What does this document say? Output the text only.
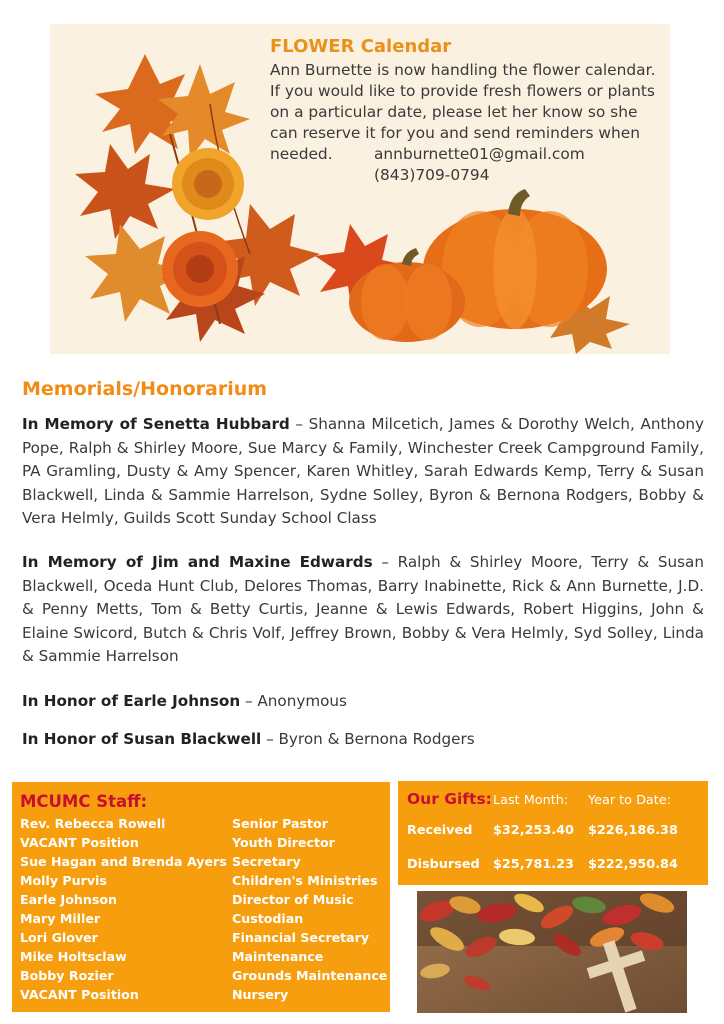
FLOWER Calendar
Ann Burnette is now handling the flower calendar. If you would like to provide fresh flowers or plants on a particular date, please let her know so she can reserve it for you and send reminders when
needed.	annburnette01@gmail.com
(843)709-0794
Memorials/Honorarium
In Memory of Senetta Hubbard – Shanna Milcetich, James & Dorothy Welch, Anthony Pope, Ralph & Shirley Moore, Sue Marcy & Family, Winchester Creek Campground Family, PA Gramling, Dusty & Amy Spencer, Karen Whitley, Sarah Edwards Kemp, Terry & Susan Blackwell, Linda & Sammie Harrelson, Sydne Solley, Byron & Bernona Rodgers, Bobby & Vera Helmly, Guilds Scott Sunday School Class
In Memory of Jim and Maxine Edwards – Ralph & Shirley Moore, Terry & Susan Blackwell, Oceda Hunt Club, Delores Thomas, Barry Inabinette, Rick & Ann Burnette, J.D. & Penny Metts, Tom & Betty Curtis, Jeanne & Lewis Edwards, Robert Higgins, John & Elaine Swicord, Butch & Chris Volf, Jeffrey Brown, Bobby & Vera Helmly, Syd Solley, Linda & Sammie Harrelson
In Honor of Earle Johnson – Anonymous
In Honor of Susan Blackwell – Byron & Bernona Rodgers
MCUMC Staff:
Rev. Rebecca Rowell
VACANT Position
Sue Hagan and Brenda Ayers
Molly Purvis
Earle Johnson
Mary Miller
Lori Glover
Mike Holtsclaw
Bobby Rozier
VACANT Position
Senior Pastor
Youth Director
Secretary
Children's Ministries
Director of Music
Custodian
Financial Secretary
Maintenance
Grounds Maintenance
Nursery
Our Gifts: Last Month: Year to Date:
Received $32,253.40 $226,186.38
Disbursed $25,781.23 $222,950.84
